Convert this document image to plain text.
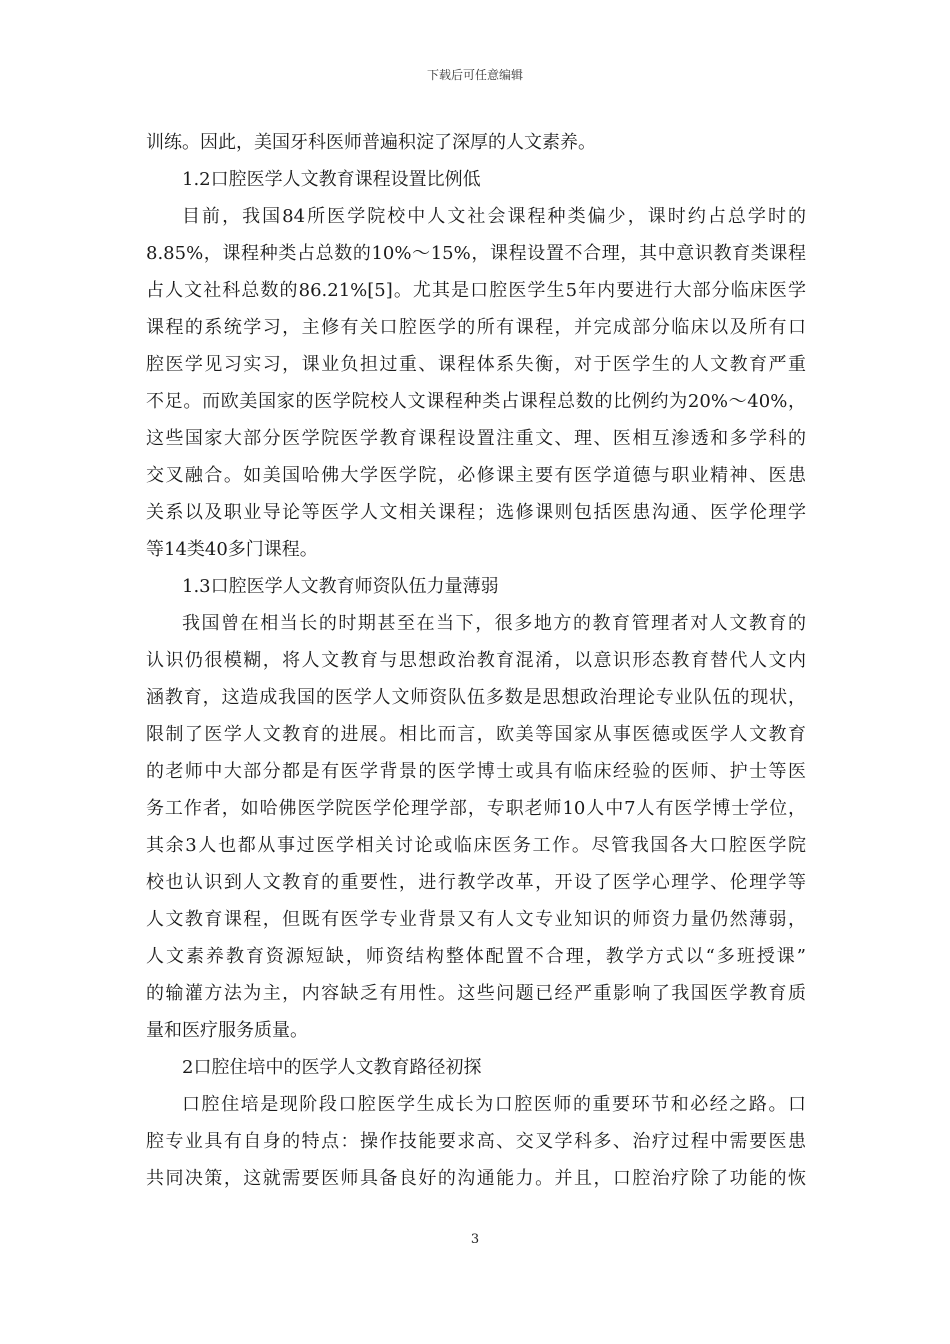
下载后可任意编辑
训练。因此，美国牙科医师普遍积淀了深厚的人文素养。
1.2口腔医学人文教育课程设置比例低
目前，我国84所医学院校中人文社会课程种类偏少，课时约占总学时的
8.85%，课程种类占总数的10%～15%，课程设置不合理，其中意识教育类课程
占人文社科总数的86.21%[5]。尤其是口腔医学生5年内要进行大部分临床医学
课程的系统学习，主修有关口腔医学的所有课程，并完成部分临床以及所有口
腔医学见习实习，课业负担过重、课程体系失衡，对于医学生的人文教育严重
不足。而欧美国家的医学院校人文课程种类占课程总数的比例约为20%～40%，
这些国家大部分医学院医学教育课程设置注重文、理、医相互渗透和多学科的
交叉融合。如美国哈佛大学医学院，必修课主要有医学道德与职业精神、医患
关系以及职业导论等医学人文相关课程；选修课则包括医患沟通、医学伦理学
等14类40多门课程。
1.3口腔医学人文教育师资队伍力量薄弱
我国曾在相当长的时期甚至在当下，很多地方的教育管理者对人文教育的
认识仍很模糊，将人文教育与思想政治教育混淆，以意识形态教育替代人文内
涵教育，这造成我国的医学人文师资队伍多数是思想政治理论专业队伍的现状，
限制了医学人文教育的进展。相比而言，欧美等国家从事医德或医学人文教育
的老师中大部分都是有医学背景的医学博士或具有临床经验的医师、护士等医
务工作者，如哈佛医学院医学伦理学部，专职老师10人中7人有医学博士学位，
其余3人也都从事过医学相关讨论或临床医务工作。尽管我国各大口腔医学院
校也认识到人文教育的重要性，进行教学改革，开设了医学心理学、伦理学等
人文教育课程，但既有医学专业背景又有人文专业知识的师资力量仍然薄弱，
人文素养教育资源短缺，师资结构整体配置不合理，教学方式以“多班授课”
的输灌方法为主，内容缺乏有用性。这些问题已经严重影响了我国医学教育质
量和医疗服务质量。
2口腔住培中的医学人文教育路径初探
口腔住培是现阶段口腔医学生成长为口腔医师的重要环节和必经之路。口
腔专业具有自身的特点：操作技能要求高、交叉学科多、治疗过程中需要医患
共同决策，这就需要医师具备良好的沟通能力。并且，口腔治疗除了功能的恢
3
